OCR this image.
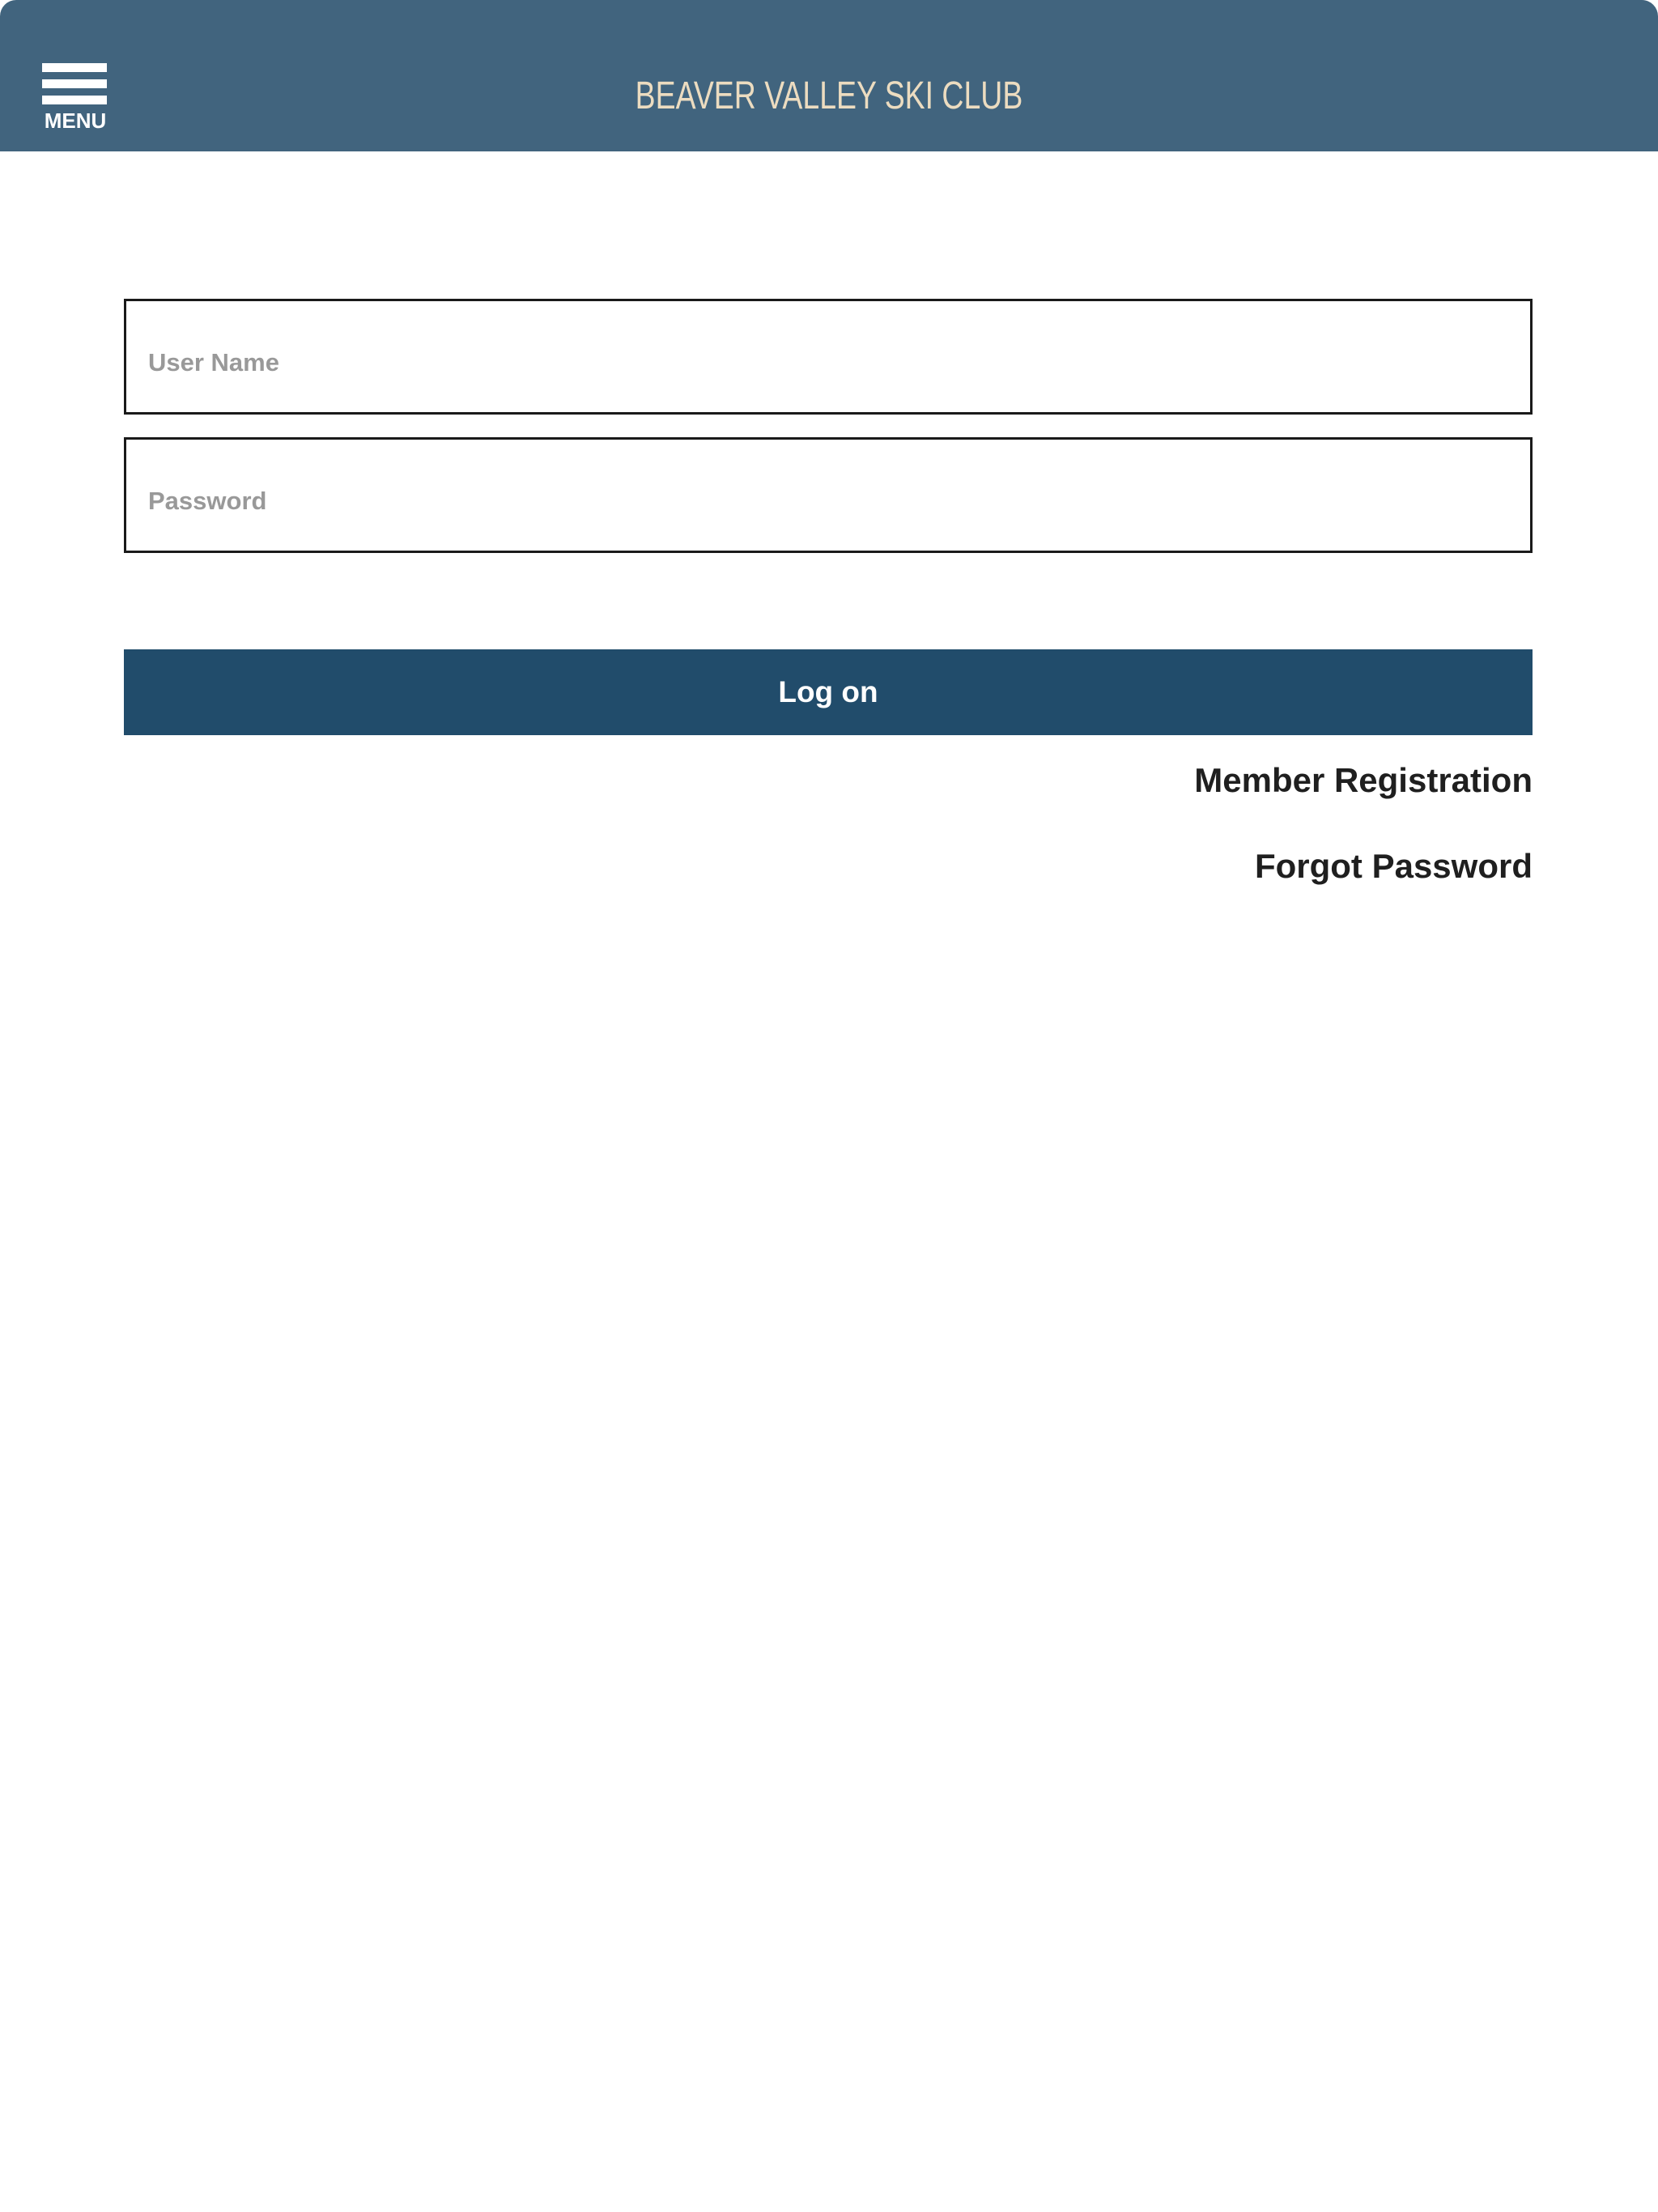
MENU
BEAVER VALLEY SKI CLUB
User Name
Log on
Member Registration
Forgot Password
